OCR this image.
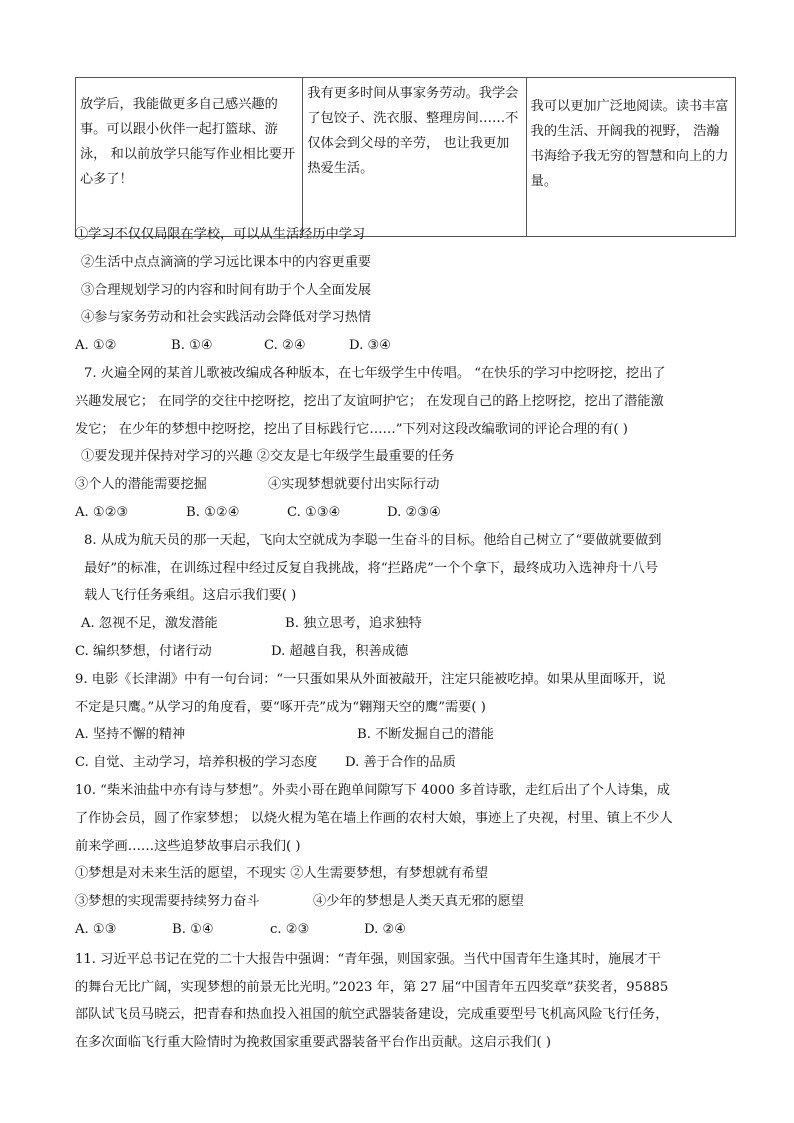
放学后，我能做更多自己感兴趣的事。可以跟小伙伴一起打篮球、游泳， 和以前放学只能写作业相比要开心多了！	我有更多时间从事家务劳动。我学会了包饺子、洗衣服、整理房间……不仅体会到父母的辛劳， 也让我更加热爱生活。	我可以更加广泛地阅读。读书丰富我的生活、开阔我的视野， 浩瀚书海给予我无穷的智慧和向上的力量。
①学习不仅仅局限在学校，可以从生活经历中学习
②生活中点点滴滴的学习远比课本中的内容更重要
③合理规划学习的内容和时间有助于个人全面发展
④参与家务劳动和社会实践活动会降低对学习热情
A. ①②	B. ①④	C. ②④	D. ③④
7. 火遍全网的某首儿歌被改编成各种版本，在七年级学生中传唱。 “在快乐的学习中挖呀挖，挖出了
兴趣发展它； 在同学的交往中挖呀挖，挖出了友谊呵护它； 在发现自己的路上挖呀挖，挖出了潜能激
发它； 在少年的梦想中挖呀挖，挖出了目标践行它……”下列对这段改编歌词的评论合理的有( )
①要发现并保持对学习的兴趣 ②交友是七年级学生最重要的任务
③个人的潜能需要挖掘	④实现梦想就要付出实际行动
A. ①②③	B. ①②④	C. ①③④	D. ②③④
8. 从成为航天员的那一天起，飞向太空就成为李聪一生奋斗的目标。他给自己树立了“要做就要做到
最好”的标准，在训练过程中经过反复自我挑战，将“拦路虎”一个个拿下，最终成功入选神舟十八号
载人飞行任务乘组。这启示我们要( )
A. 忽视不足，激发潜能	B. 独立思考，追求独特
C. 编织梦想，付诸行动	D. 超越自我，积善成德
9. 电影《长津湖》中有一句台词：“一只蛋如果从外面被敲开，注定只能被吃掉。如果从里面啄开，说
不定是只鹰。”从学习的角度看，要“啄开壳”成为“翱翔天空的鹰”需要( )
A. 坚持不懈的精神	B. 不断发掘自己的潜能
C. 自觉、主动学习，培养积极的学习态度 D. 善于合作的品质
10. “柴米油盐中亦有诗与梦想”。外卖小哥在跑单间隙写下 4000 多首诗歌，走红后出了个人诗集，成
了作协会员，圆了作家梦想； 以烧火棍为笔在墙上作画的农村大娘，事迹上了央视，村里、镇上不少人
前来学画……这些追梦故事启示我们( )
①梦想是对未来生活的愿望，不现实 ②人生需要梦想，有梦想就有希望
③梦想的实现需要持续努力奋斗	④少年的梦想是人类天真无邪的愿望
A. ①③	B. ①④	c. ②③	D. ②④
11. 习近平总书记在党的二十大报告中强调：“青年强，则国家强。当代中国青年生逢其时，施展才干
的舞台无比广阔，实现梦想的前景无比光明。”2023 年，第 27 届“中国青年五四奖章”获奖者，95885
部队试飞员马晓云，把青春和热血投入祖国的航空武器装备建设，完成重要型号飞机高风险飞行任务，
在多次面临飞行重大险情时为挽救国家重要武器装备平台作出贡献。这启示我们( )
